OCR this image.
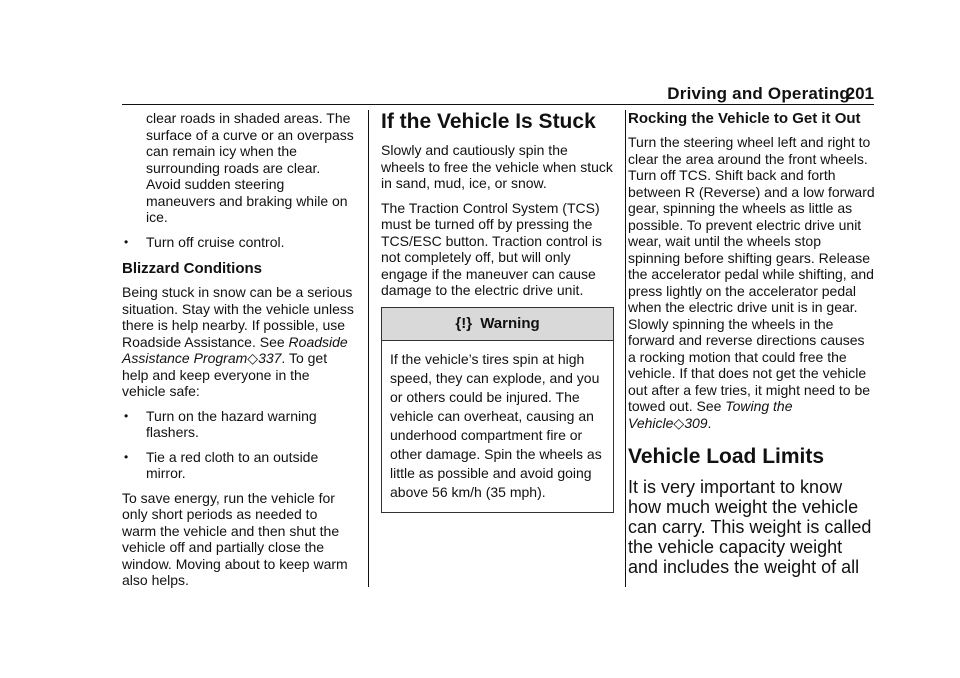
Driving and Operating
201

clear roads in shaded areas. The surface of a curve or an overpass can remain icy when the surrounding roads are clear. Avoid sudden steering maneuvers and braking while on ice.

• Turn off cruise control.

Blizzard Conditions

Being stuck in snow can be a serious situation. Stay with the vehicle unless there is help nearby. If possible, use Roadside Assistance. See Roadside Assistance Program◇337. To get help and keep everyone in the vehicle safe:

• Turn on the hazard warning flashers.

• Tie a red cloth to an outside mirror.

To save energy, run the vehicle for only short periods as needed to warm the vehicle and then shut the vehicle off and partially close the window. Moving about to keep warm also helps.

If the Vehicle Is Stuck

Slowly and cautiously spin the wheels to free the vehicle when stuck in sand, mud, ice, or snow.

The Traction Control System (TCS) must be turned off by pressing the TCS/ESC button. Traction control is not completely off, but will only engage if the maneuver can cause damage to the electric drive unit.

{!} Warning
If the vehicle’s tires spin at high speed, they can explode, and you or others could be injured. The vehicle can overheat, causing an underhood compartment fire or other damage. Spin the wheels as little as possible and avoid going above 56 km/h (35 mph).
Rocking the Vehicle to Get it Out

Turn the steering wheel left and right to clear the area around the front wheels. Turn off TCS. Shift back and forth between R (Reverse) and a low forward gear, spinning the wheels as little as possible. To prevent electric drive unit wear, wait until the wheels stop spinning before shifting gears. Release the accelerator pedal while shifting, and press lightly on the accelerator pedal when the electric drive unit is in gear. Slowly spinning the wheels in the forward and reverse directions causes a rocking motion that could free the vehicle. If that does not get the vehicle out after a few tries, it might need to be towed out. See Towing the Vehicle◇309.

Vehicle Load Limits

It is very important to know how much weight the vehicle can carry. This weight is called the vehicle capacity weight and includes the weight of all
